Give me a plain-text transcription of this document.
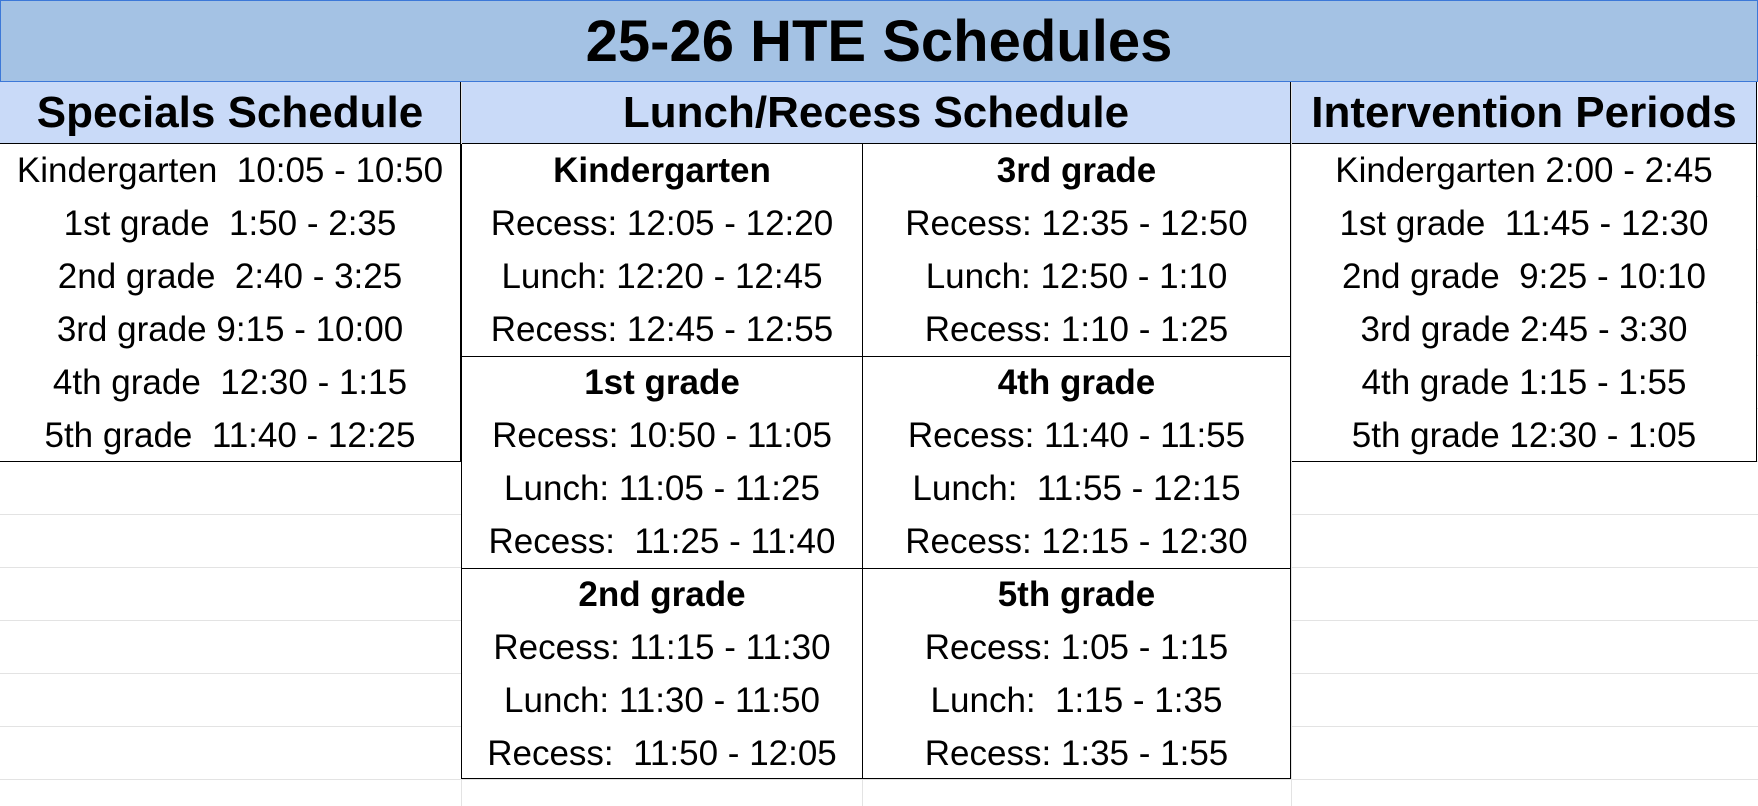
25-26 HTE Schedules
Specials Schedule	Lunch/Recess Schedule	Intervention Periods
Kindergarten  10:05 - 10:50
1st grade  1:50 - 2:35
2nd grade  2:40 - 3:25
3rd grade 9:15 - 10:00
4th grade  12:30 - 1:15
5th grade  11:40 - 12:25
Kindergarten
Recess: 12:05 - 12:20
Lunch: 12:20 - 12:45
Recess: 12:45 - 12:55
1st grade
Recess: 10:50 - 11:05
Lunch: 11:05 - 11:25
Recess:  11:25 - 11:40
2nd grade
Recess: 11:15 - 11:30
Lunch: 11:30 - 11:50
Recess:  11:50 - 12:05
3rd grade
Recess: 12:35 - 12:50
Lunch: 12:50 - 1:10
Recess: 1:10 - 1:25
4th grade
Recess: 11:40 - 11:55
Lunch:  11:55 - 12:15
Recess: 12:15 - 12:30
5th grade
Recess: 1:05 - 1:15
Lunch:  1:15 - 1:35
Recess: 1:35 - 1:55
Kindergarten 2:00 - 2:45
1st grade  11:45 - 12:30
2nd grade  9:25 - 10:10
3rd grade 2:45 - 3:30
4th grade 1:15 - 1:55
5th grade 12:30 - 1:05
